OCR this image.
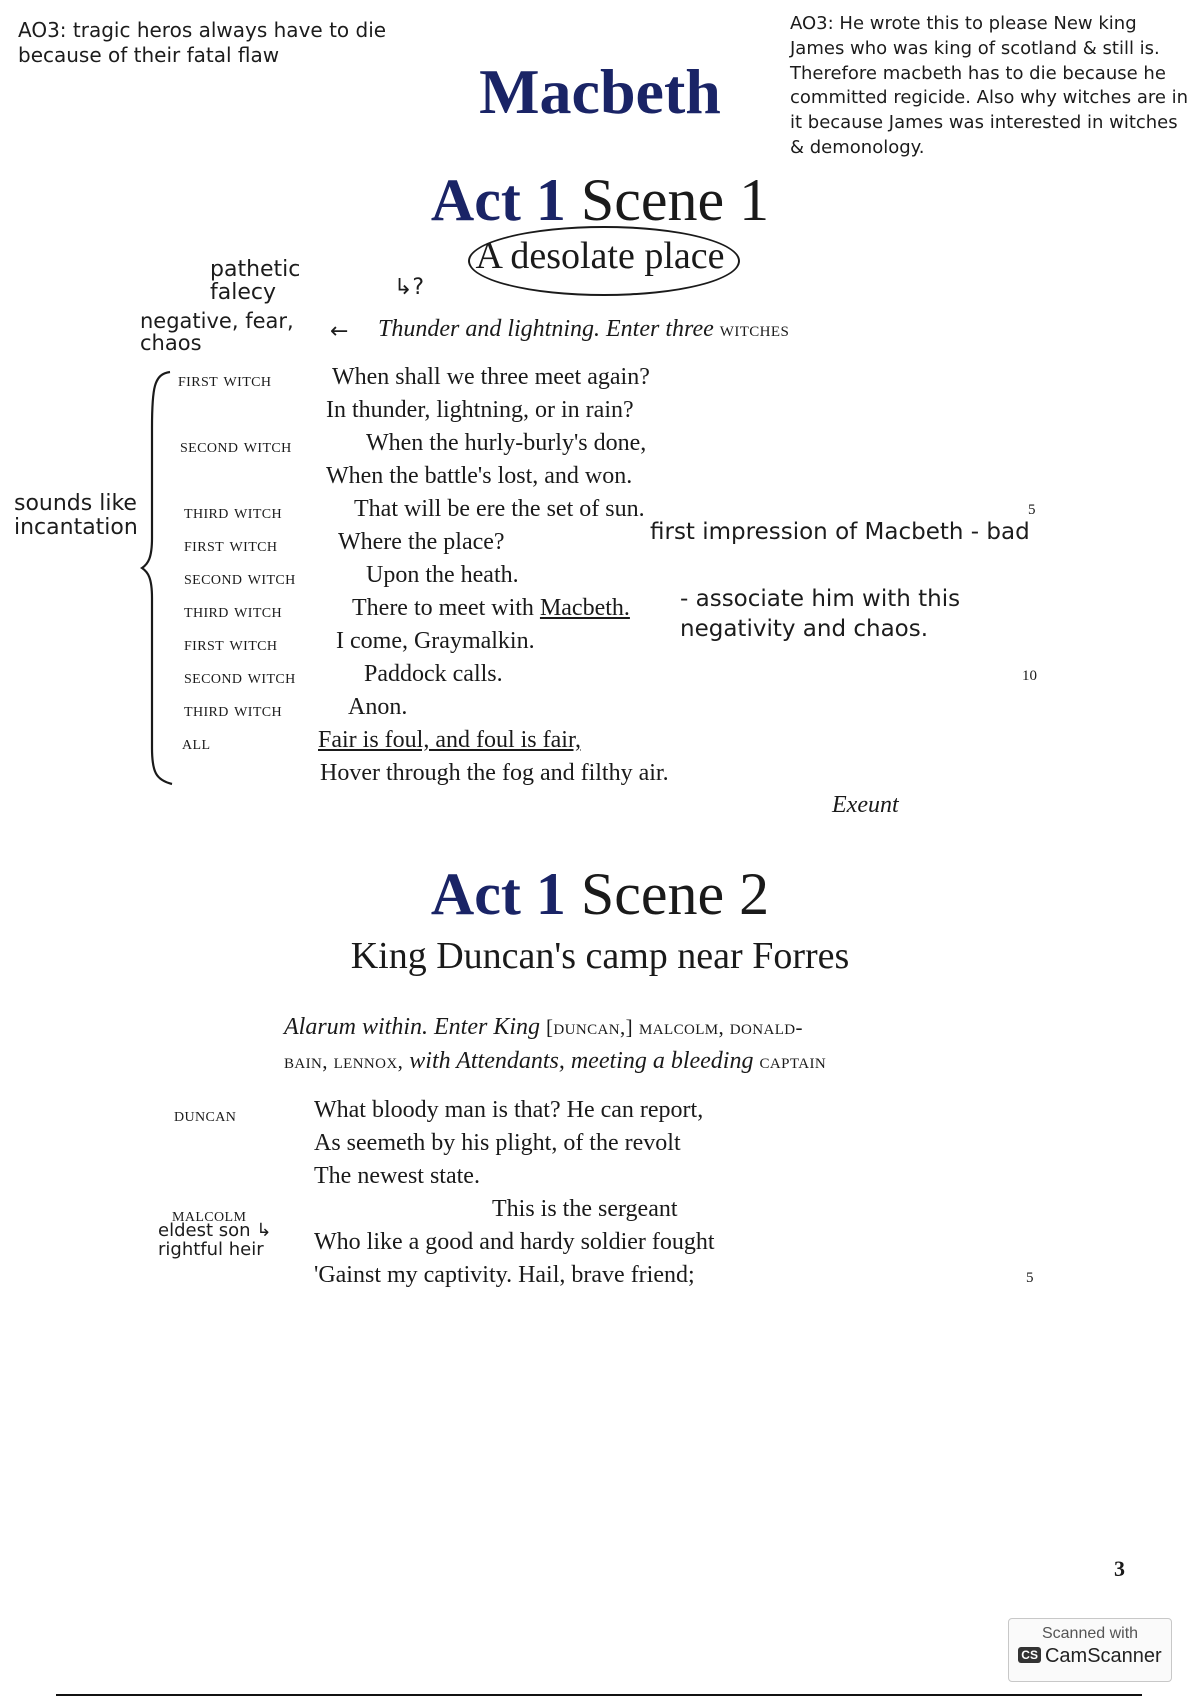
AO3: tragic heros always have to die because of their fatal flaw
AO3: He wrote this to please New king James who was king of scotland & still is. Therefore macbeth has to die because he committed regicide. Also why witches are in it because James was interested in witches & demonology.
pathetic falecy	↳?
negative, fear, chaos	←
sounds like incantation	first impression of Macbeth - bad
- associate him with this negativity and chaos.
eldest son ↳ rightful heir
Macbeth
Act 1 Scene 1
A desolate place
Thunder and lightning. Enter three witches
first witch	When shall we three meet again?
In thunder, lightning, or in rain?
second witch	When the hurly-burly's done,
When the battle's lost, and won.
third witch	That will be ere the set of sun.	5
first witch	Where the place?
second witch	Upon the heath.
third witch	There to meet with Macbeth.
first witch I come, Graymalkin.
second witch	Paddock calls.	10
third witch	Anon.
all	Fair is foul, and foul is fair,
Hover through the fog and filthy air.
Exeunt
Act 1 Scene 2
King Duncan's camp near Forres
Alarum within. Enter King [duncan,] malcolm, donald-
bain, lennox, with Attendants, meeting a bleeding captain
duncan	What bloody man is that? He can report,
As seemeth by his plight, of the revolt
The newest state.
malcolm	This is the sergeant
Who like a good and hardy soldier fought
'Gainst my captivity. Hail, brave friend;	5
3
Scanned with
CS CamScanner
